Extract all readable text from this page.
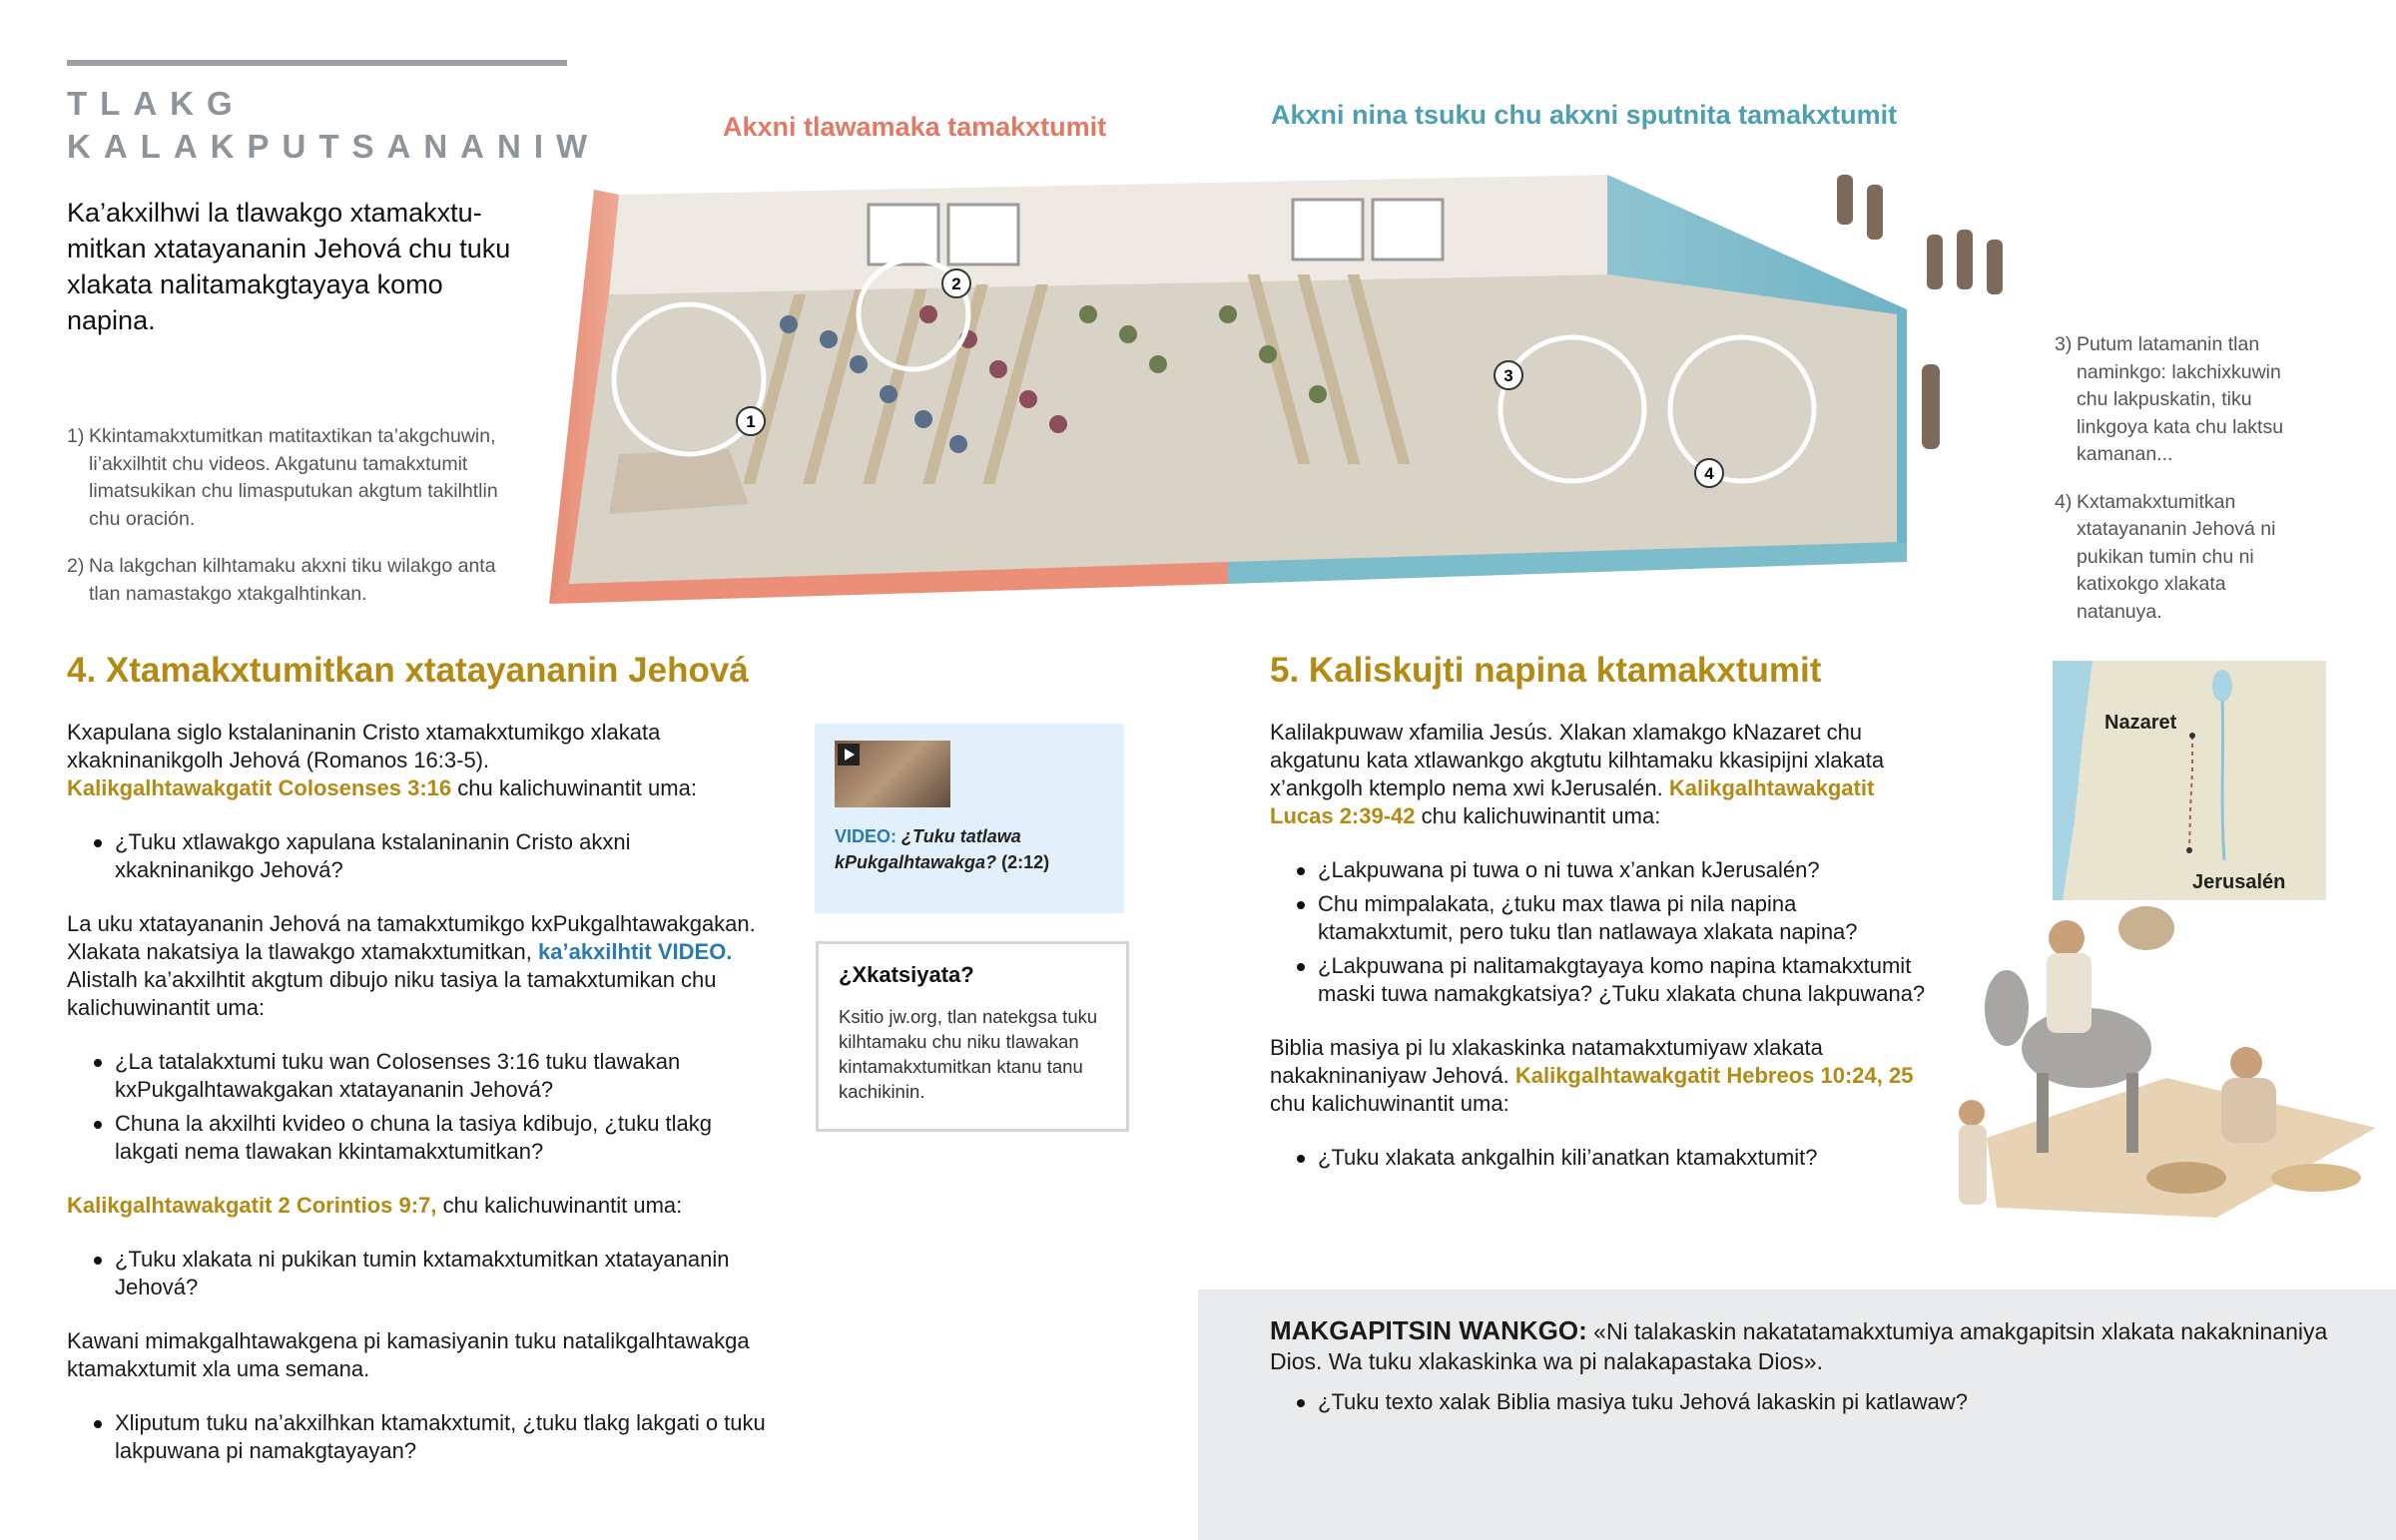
TLAKG
KALAKPUTSANANIW
Ka’akxilhwi la tlawakgo xtamakxtumitkan xtatayananin Jehová chu tuku xlakata nalitamakgtayaya komo napina.
1) Kkintamakxtumitkan matitaxtikan ta’akgchuwin, li’akxilhtit chu videos. Akgatunu tamakxtumit limatsukikan chu limasputukan akgtum takilhtlin chu oración.
2) Na lakgchan kilhtamaku akxni tiku wilakgo anta tlan namastakgo xtakgalhtinkan.
3) Putum latamanin tlan naminkgo: lakchixkuwin chu lakpuskatin, tiku linkgoya kata chu laktsu kamanan...
4) Kxtamakxtumitkan xtatayananin Jehová ni pukikan tumin chu ni katixokgo xlakata natanuya.
Akxni tlawamaka tamakxtumit	Akxni nina tsuku chu akxni sputnita tamakxtumit
1
2
3
4
4. Xtamakxtumitkan xtatayananin Jehová

Kxapulana siglo kstalaninanin Cristo xtamakxtumikgo xlakata xkakninanikgolh Jehová (Romanos 16:3-5).
Kalikgalhtawakgatit Colosenses 3:16 chu kalichuwinantit uma:

¿Tuku xtlawakgo xapulana kstalaninanin Cristo akxni xkakninanikgo Jehová?

La uku xtatayananin Jehová na tamakxtumikgo kxPukgalhtawakgakan. Xlakata nakatsiya la tlawakgo xtamakxtumitkan, ka’akxilhtit VIDEO. Alistalh ka’akxilhtit akgtum dibujo niku tasiya la tamakxtumikan chu kalichuwinantit uma:

¿La tatalakxtumi tuku wan Colosenses 3:16 tuku tlawakan kxPukgalhtawakgakan xtatayananin Jehová?
Chuna la akxilhti kvideo o chuna la tasiya kdibujo, ¿tuku tlakg lakgati nema tlawakan kkintamakxtumitkan?

Kalikgalhtawakgatit 2 Corintios 9:7, chu kalichuwinantit uma:

¿Tuku xlakata ni pukikan tumin kxtamakxtumitkan xtatayananin Jehová?

Kawani mimakgalhtawakgena pi kamasiyanin tuku natalikgalhtawakga ktamakxtumit xla uma semana.

Xliputum tuku na’akxilhkan ktamakxtumit, ¿tuku tlakg lakgati o tuku lakpuwana pi namakgtayayan?
VIDEO: ¿Tuku tatlawa kPukgalhtawakga? (2:12)
¿Xkatsiyata?
Ksitio jw.org, tlan natekgsa tuku kilhtamaku chu niku tlawakan kintamakxtumitkan ktanu tanu kachikinin.
5. Kaliskujti napina ktamakxtumit

Kalilakpuwaw xfamilia Jesús. Xlakan xlamakgo kNazaret chu akgatunu kata xtlawankgo akgtutu kilhtamaku kkasipijni xlakata x’ankgolh ktemplo nema xwi kJerusalén. Kalikgalhtawakgatit Lucas 2:39-42 chu kalichuwinantit uma:

¿Lakpuwana pi tuwa o ni tuwa x’ankan kJerusalén?
Chu mimpalakata, ¿tuku max tlawa pi nila napina ktamakxtumit, pero tuku tlan natlawaya xlakata napina?
¿Lakpuwana pi nalitamakgtayaya komo napina ktamakxtumit maski tuwa namakgkatsiya? ¿Tuku xlakata chuna lakpuwana?

Biblia masiya pi lu xlakaskinka natamakxtumiyaw xlakata nakakninaniyaw Jehová. Kalikgalhtawakgatit Hebreos 10:24, 25 chu kalichuwinantit uma:

¿Tuku xlakata ankgalhin kili’anatkan ktamakxtumit?
Nazaret
Jerusalén
MAKGAPITSIN WANKGO: «Ni talakaskin nakatatamakxtumiya amakgapitsin xlakata nakakninaniya Dios. Wa tuku xlakaskinka wa pi nalakapastaka Dios».
¿Tuku texto xalak Biblia masiya tuku Jehová lakaskin pi katlawaw?
